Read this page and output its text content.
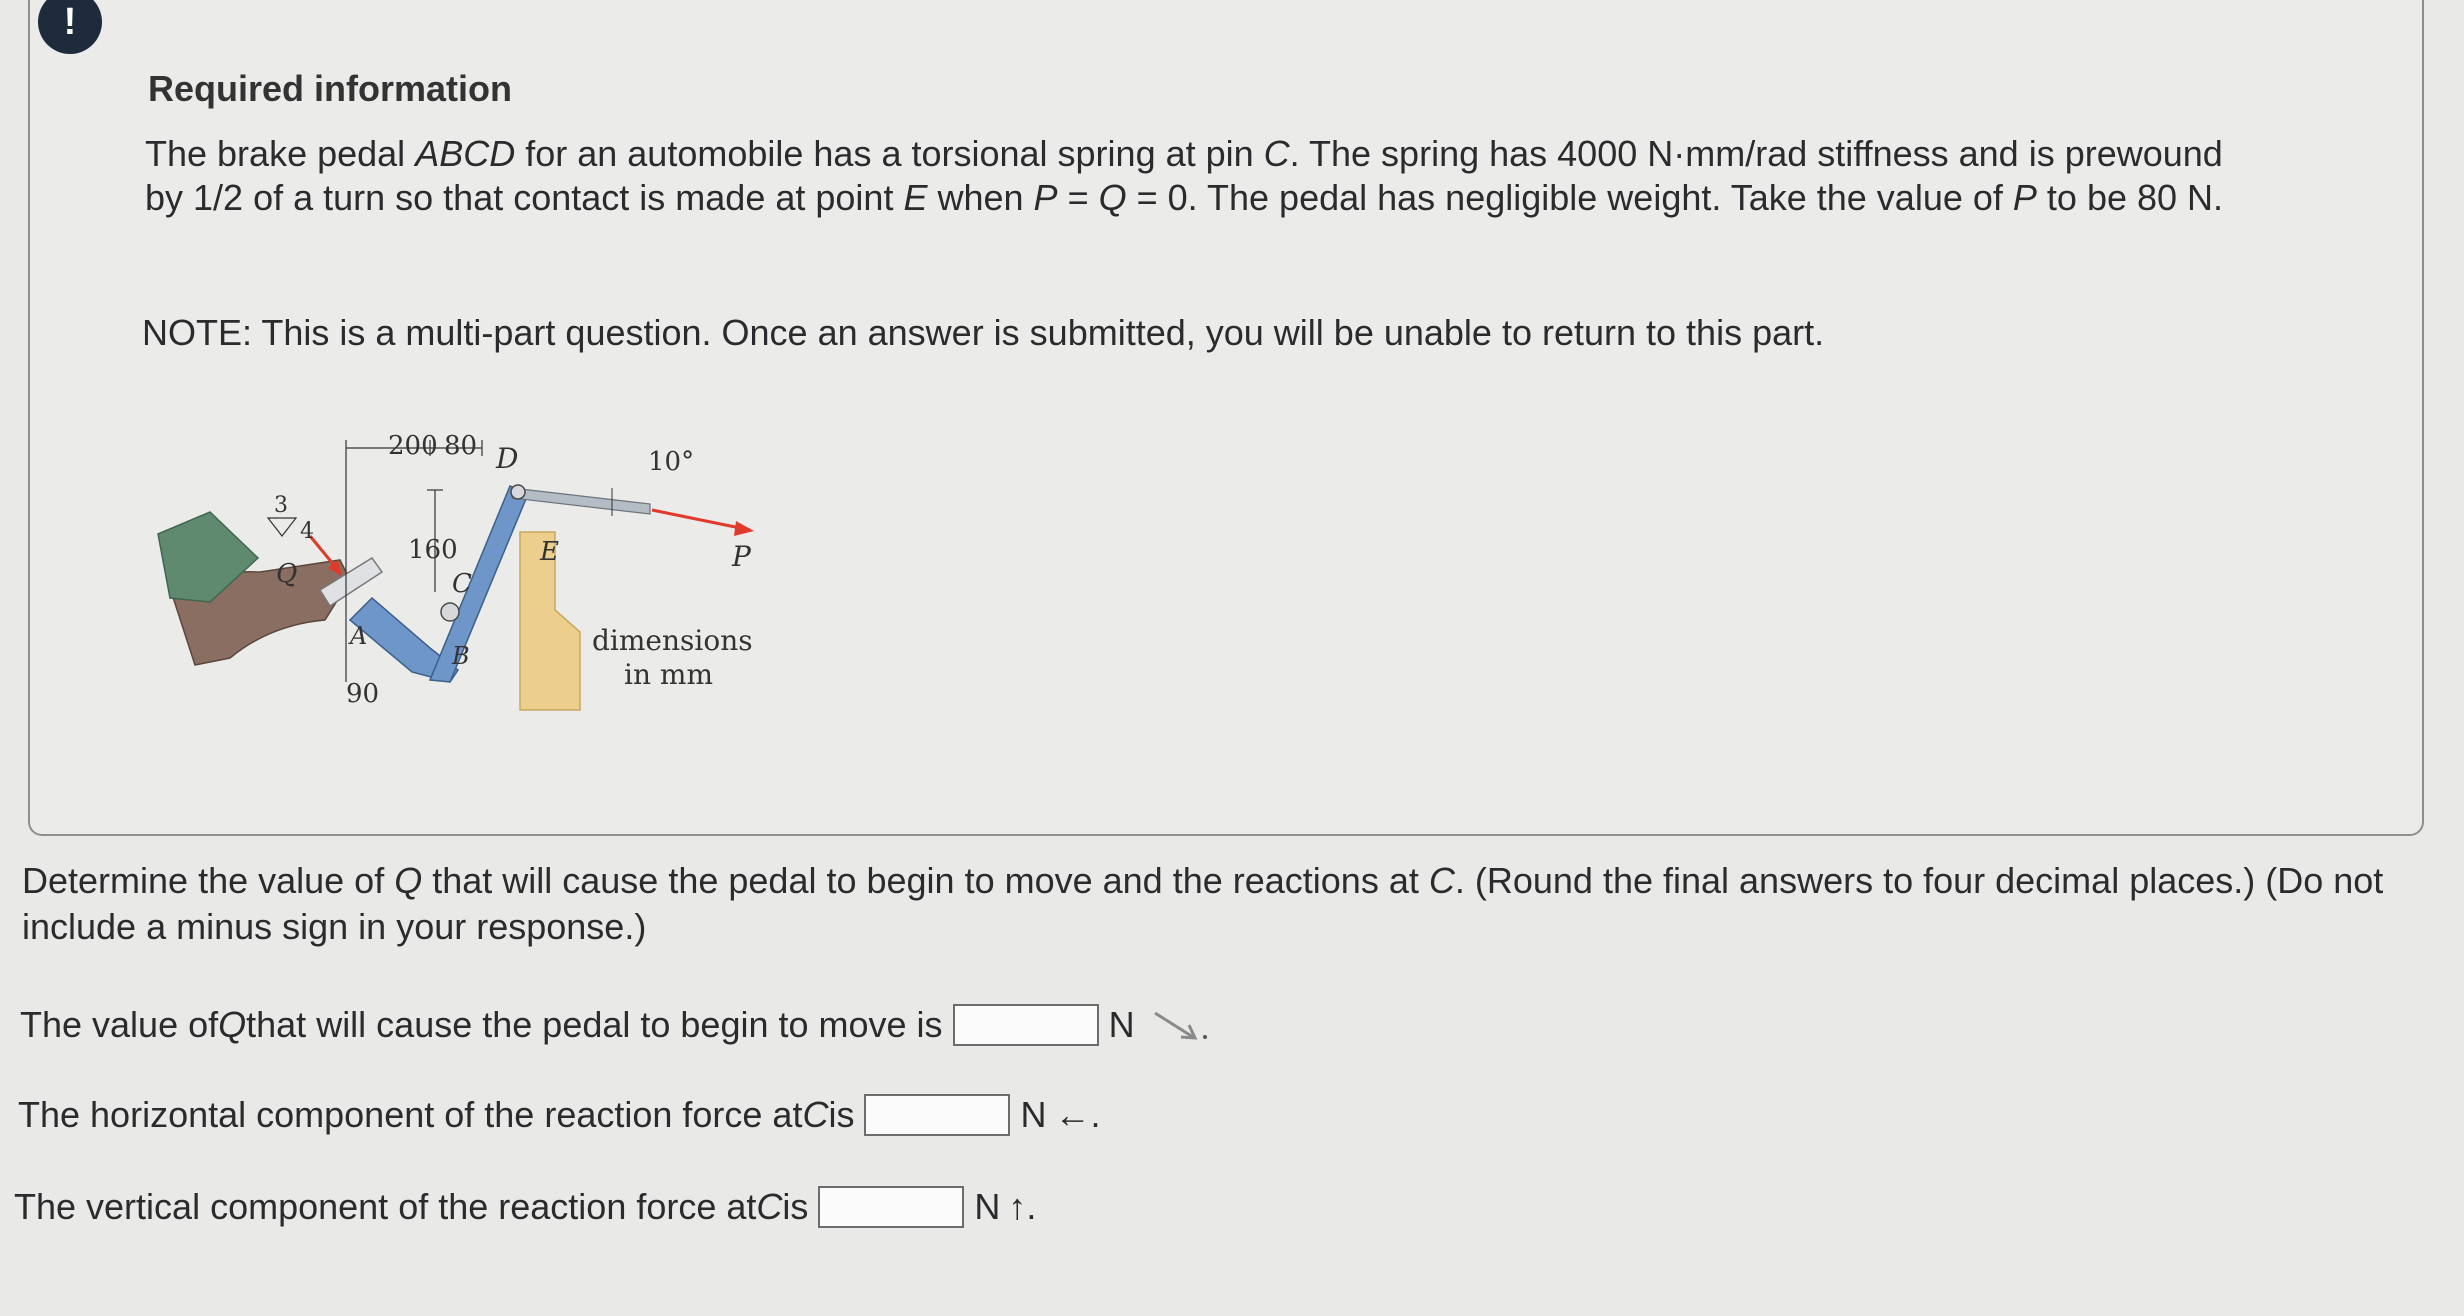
!
Required information

The brake pedal ABCD for an automobile has a torsional spring at pin C. The spring has 4000 N·mm/rad stiffness and is prewound by 1/2 of a turn so that contact is made at point E when P = Q = 0. The pedal has negligible weight. Take the value of P to be 80 N.

NOTE: This is a multi-part question. Once an answer is submitted, you will be unable to return to this part.
200 80 D	10°
3
4
160
C
E	P
Q
A
B
90
dimensions
in mm

Determine the value of Q that will cause the pedal to begin to move and the reactions at C. (Round the final answers to four decimal places.) (Do not include a minus sign in your response.)

The value of Q that will cause the pedal to begin to move is	N
The horizontal component of the reaction force at C is	N ←.
The vertical component of the reaction force at C is	N ↑.
